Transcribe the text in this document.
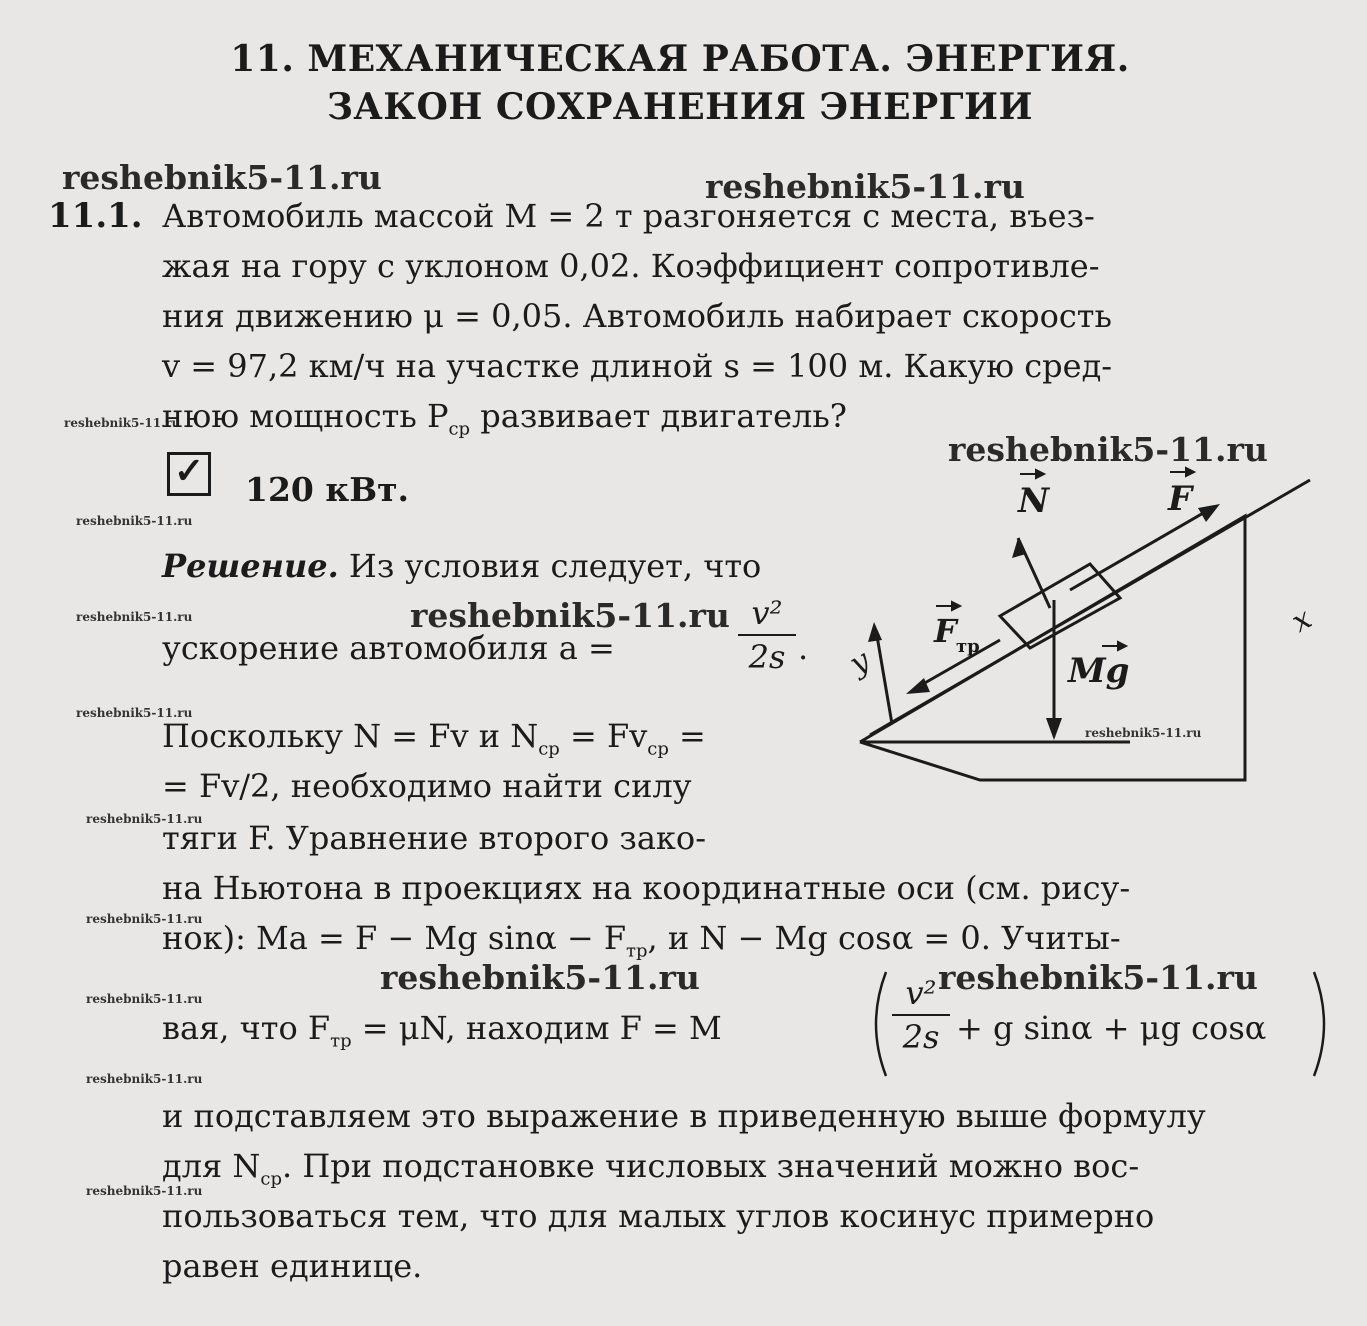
11. МЕХАНИЧЕСКАЯ РАБОТА. ЭНЕРГИЯ.
ЗАКОН СОХРАНЕНИЯ ЭНЕРГИИ
reshebnik5-11.ru	reshebnik5-11.ru
reshebnik5-11.ru
reshebnik5-11.ru
reshebnik5-11.ru	reshebnik5-11.ru
reshebnik5-11.ru
reshebnik5-11.ru
reshebnik5-11.ru
reshebnik5-11.ru
reshebnik5-11.ru
reshebnik5-11.ru
reshebnik5-11.ru
reshebnik5-11.ru
reshebnik5-11.ru
reshebnik5-11.ru
11.1. Автомобиль массой M = 2 т разгоняется с места, въез-
жая на гору с уклоном 0,02. Коэффициент сопротивле-
ния движению μ = 0,05. Автомобиль набирает скорость
v = 97,2 км/ч на участке длиной s = 100 м. Какую сред-
нюю мощность $P_{ср}$ развивает двигатель?
✓ 120 кВт.
Решение. Из условия следует, что
ускорение автомобиля a =
v²
2s .
Поскольку N = Fv и $N_{ср} = Fv_{ср}$ =
= Fv/2, необходимо найти силу
тяги F. Уравнение второго зако-
на Ньютона в проекциях на координатные оси (см. рису-
нок): Ma = F − Mg $\sin\alpha - F_{тр}$, и N − Mg cosα = 0. Учиты-
вая, что $F_{тр} = \mu N$, находим F = M
v²
2s + g sinα + μg cosα
и подставляем это выражение в приведенную выше формулу
для $N_{ср}$. При подстановке числовых значений можно вос-
пользоваться тем, что для малых углов косинус примерно
равен единице.
N	F
F тр
Mg
x
y
